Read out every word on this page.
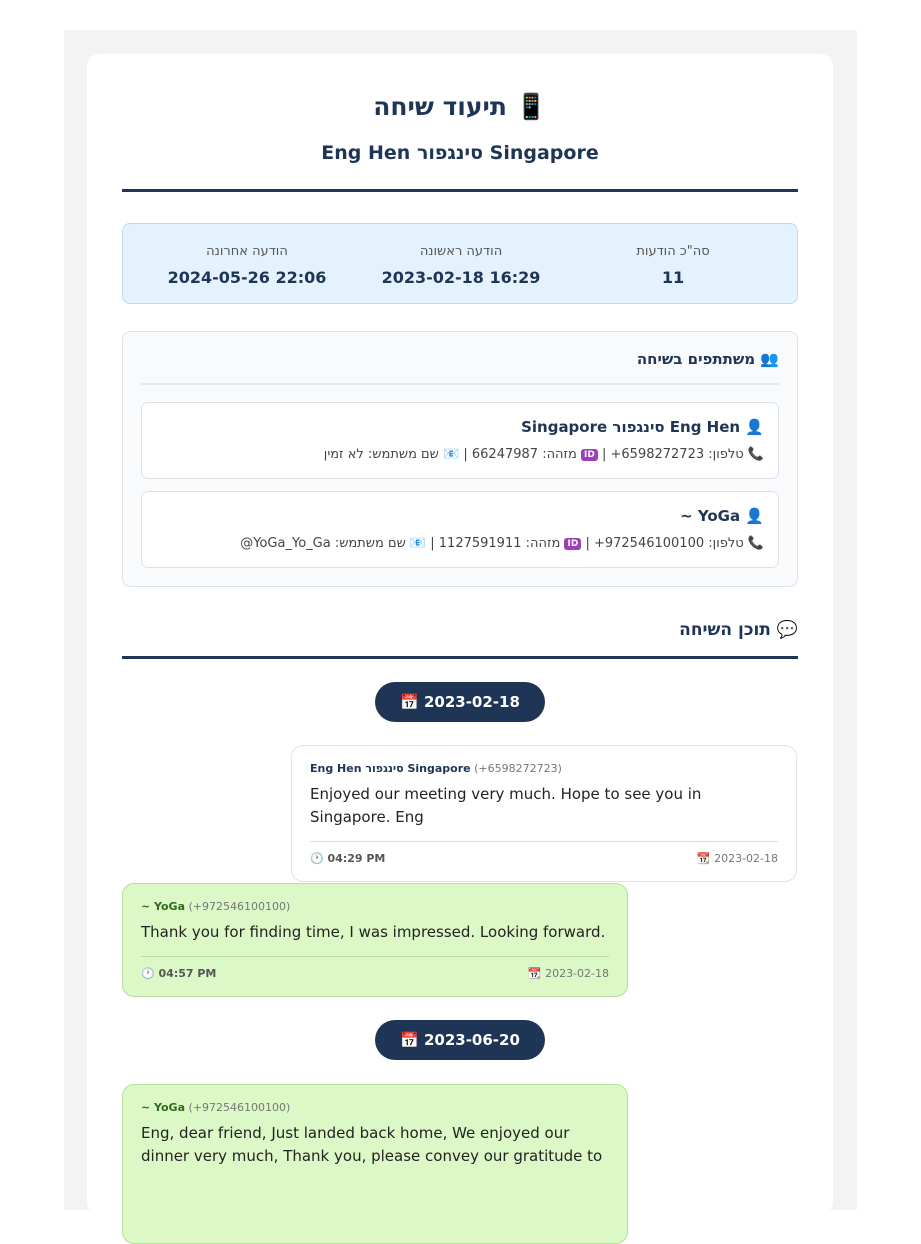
📱 תיעוד שיחה
Eng Hen סינגפור Singapore
סה"כ הודעות
11
הודעה ראשונה
2023-02-18 16:29
הודעה אחרונה
2024-05-26 22:06
👥 משתתפים בשיחה
👤 Eng Hen סינגפור Singapore
📞 טלפון: +6598272723 | ID מזהה: 66247987 | 📧 שם משתמש: לא זמין
👤 YoGa ~
📞 טלפון: +972546100100 | ID מזהה: 1127591911 | 📧 שם משתמש: @YoGa_Yo_Ga
💬 תוכן השיחה
📅 2023-02-18
Eng Hen סינגפור Singapore (+6598272723)
Enjoyed our meeting very much. Hope to see you in Singapore. Eng
🕐 04:29 PM	📆 2023-02-18
~ YoGa (+972546100100)
Thank you for finding time, I was impressed. Looking forward.
🕐 04:57 PM	📆 2023-02-18
📅 2023-06-20
~ YoGa (+972546100100)
Eng, dear friend, Just landed back home, We enjoyed our dinner very much, Thank you, please convey our gratitude to
